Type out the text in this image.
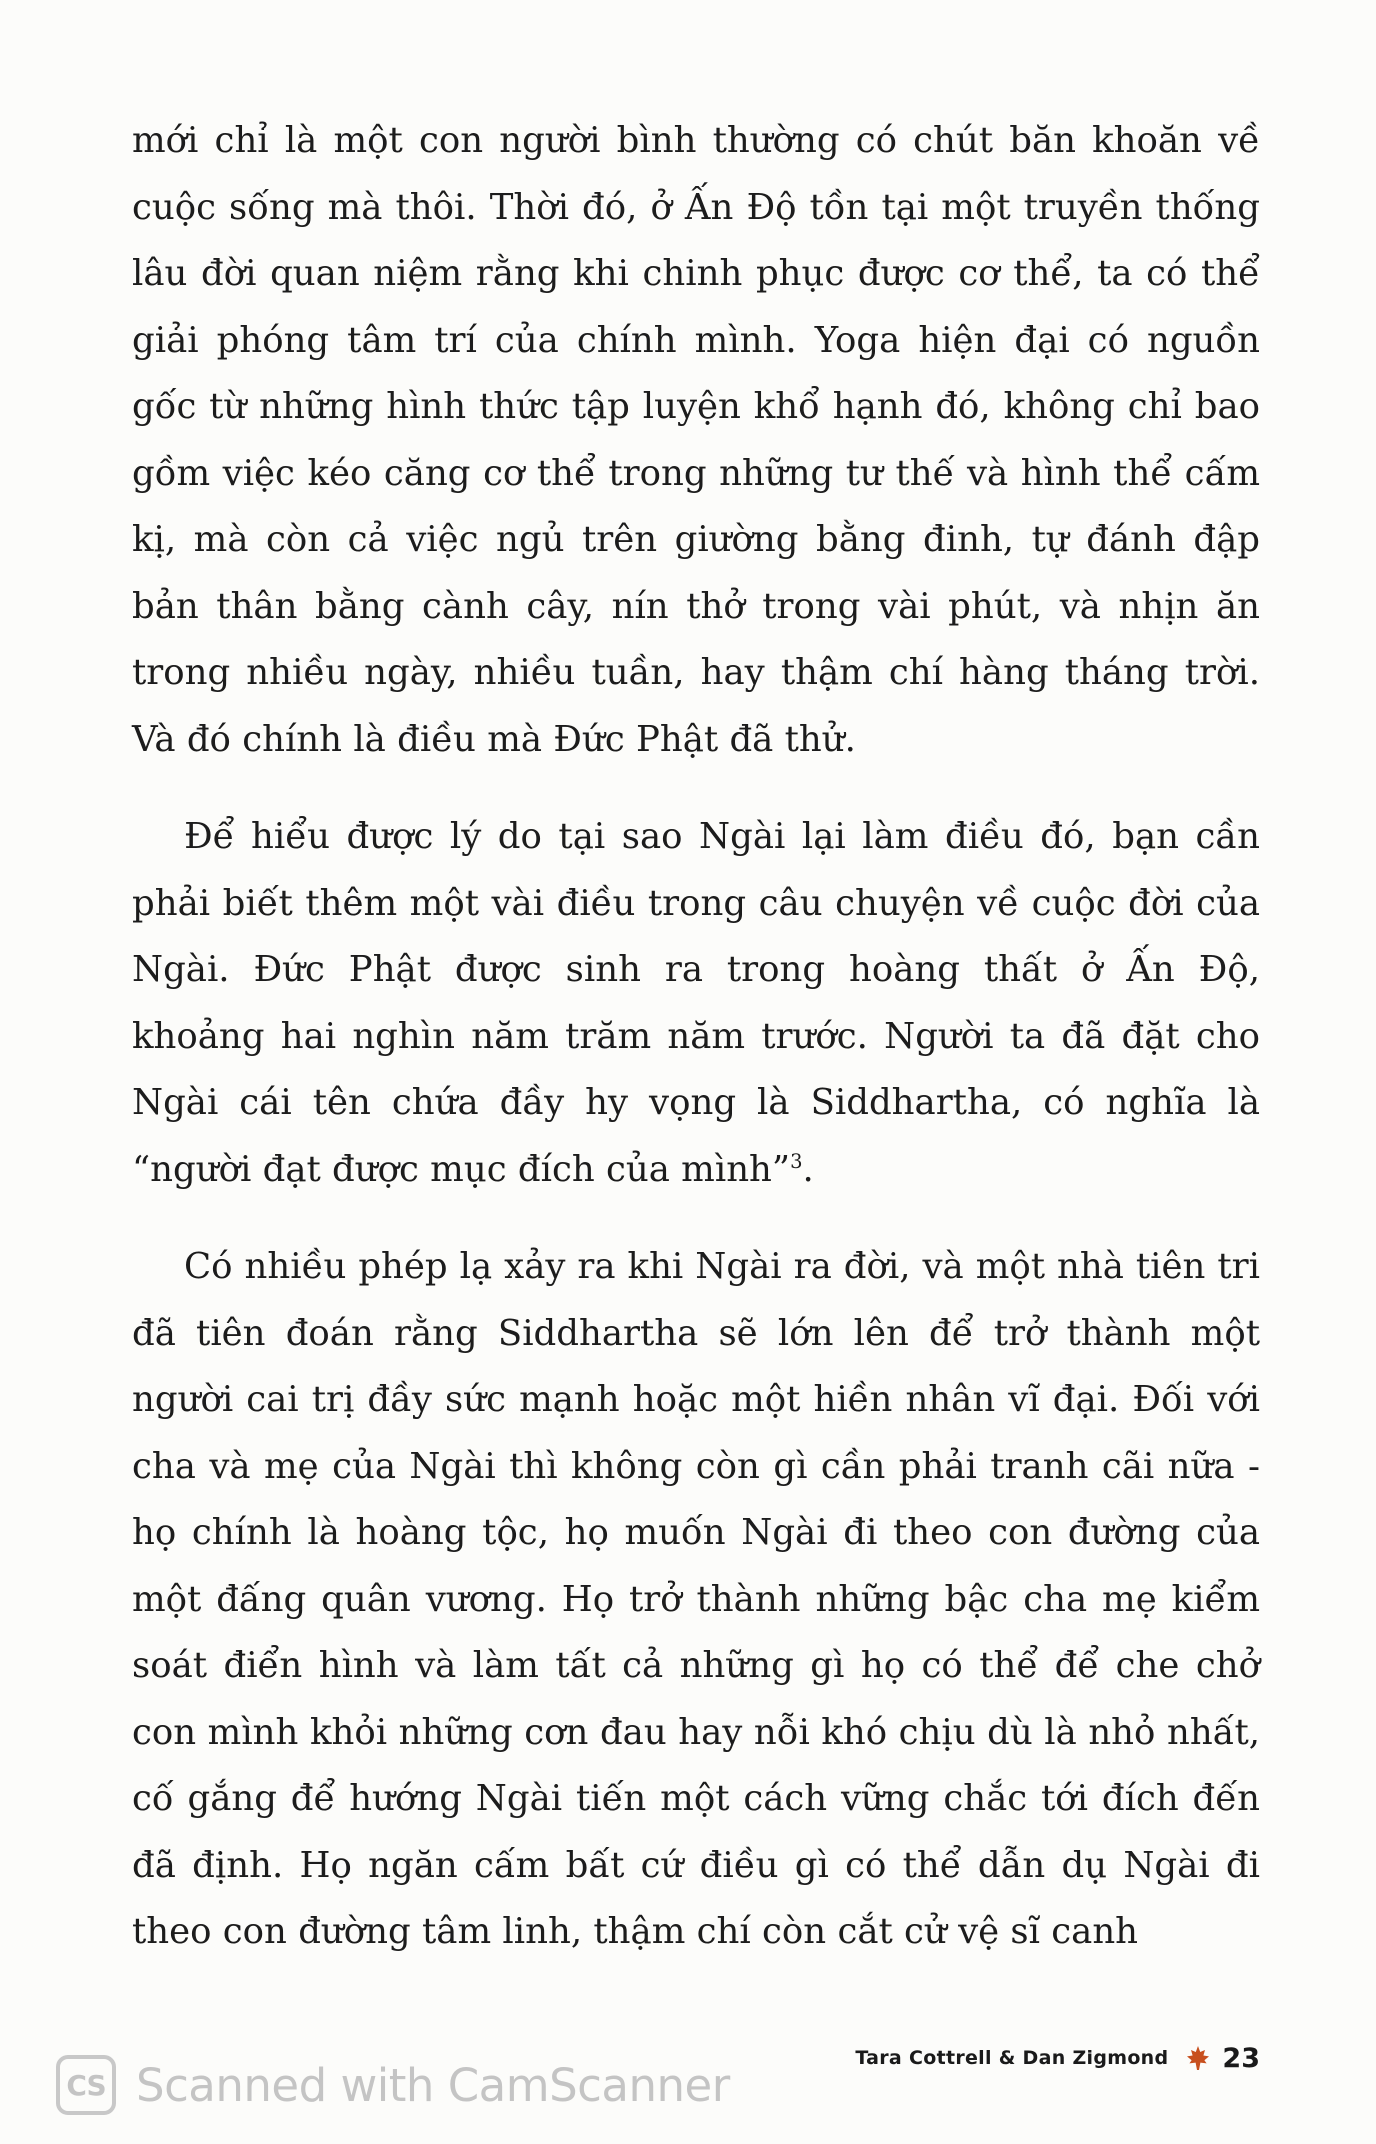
mới chỉ là một con người bình thường có chút băn khoăn về cuộc sống mà thôi. Thời đó, ở Ấn Độ tồn tại một truyền thống lâu đời quan niệm rằng khi chinh phục được cơ thể, ta có thể giải phóng tâm trí của chính mình. Yoga hiện đại có nguồn gốc từ những hình thức tập luyện khổ hạnh đó, không chỉ bao gồm việc kéo căng cơ thể trong những tư thế và hình thể cấm kị, mà còn cả việc ngủ trên giường bằng đinh, tự đánh đập bản thân bằng cành cây, nín thở trong vài phút, và nhịn ăn trong nhiều ngày, nhiều tuần, hay thậm chí hàng tháng trời. Và đó chính là điều mà Đức Phật đã thử.

Để hiểu được lý do tại sao Ngài lại làm điều đó, bạn cần phải biết thêm một vài điều trong câu chuyện về cuộc đời của Ngài. Đức Phật được sinh ra trong hoàng thất ở Ấn Độ, khoảng hai nghìn năm trăm năm trước. Người ta đã đặt cho Ngài cái tên chứa đầy hy vọng là Siddhartha, có nghĩa là “người đạt được mục đích của mình”$^3$.

Có nhiều phép lạ xảy ra khi Ngài ra đời, và một nhà tiên tri đã tiên đoán rằng Siddhartha sẽ lớn lên để trở thành một người cai trị đầy sức mạnh hoặc một hiền nhân vĩ đại. Đối với cha và mẹ của Ngài thì không còn gì cần phải tranh cãi nữa - họ chính là hoàng tộc, họ muốn Ngài đi theo con đường của một đấng quân vương. Họ trở thành những bậc cha mẹ kiểm soát điển hình và làm tất cả những gì họ có thể để che chở con mình khỏi những cơn đau hay nỗi khó chịu dù là nhỏ nhất, cố gắng để hướng Ngài tiến một cách vững chắc tới đích đến đã định. Họ ngăn cấm bất cứ điều gì có thể dẫn dụ Ngài đi theo con đường tâm linh, thậm chí còn cắt cử vệ sĩ canh

Tara Cottrell & Dan Zigmond 23
CS Scanned with CamScanner
